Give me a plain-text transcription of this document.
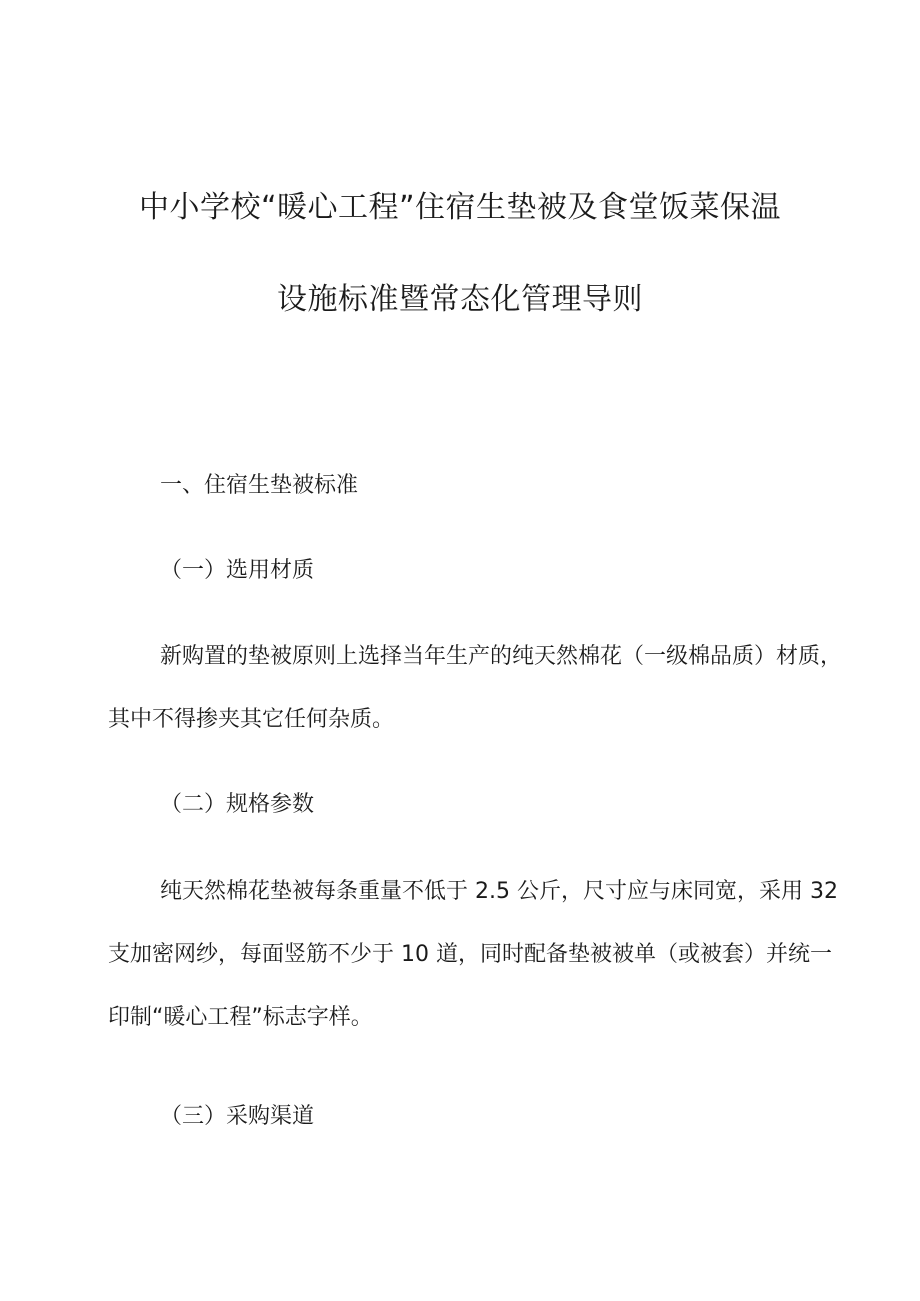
中小学校“暖心工程”住宿生垫被及食堂饭菜保温
设施标准暨常态化管理导则
一、住宿生垫被标准
（一）选用材质
新购置的垫被原则上选择当年生产的纯天然棉花（一级棉品质）材质，
其中不得掺夹其它任何杂质。
（二）规格参数
纯天然棉花垫被每条重量不低于 2.5 公斤，尺寸应与床同宽，采用 32
支加密网纱，每面竖筋不少于 10 道，同时配备垫被被单（或被套）并统一
印制“暖心工程”标志字样。
（三）采购渠道
